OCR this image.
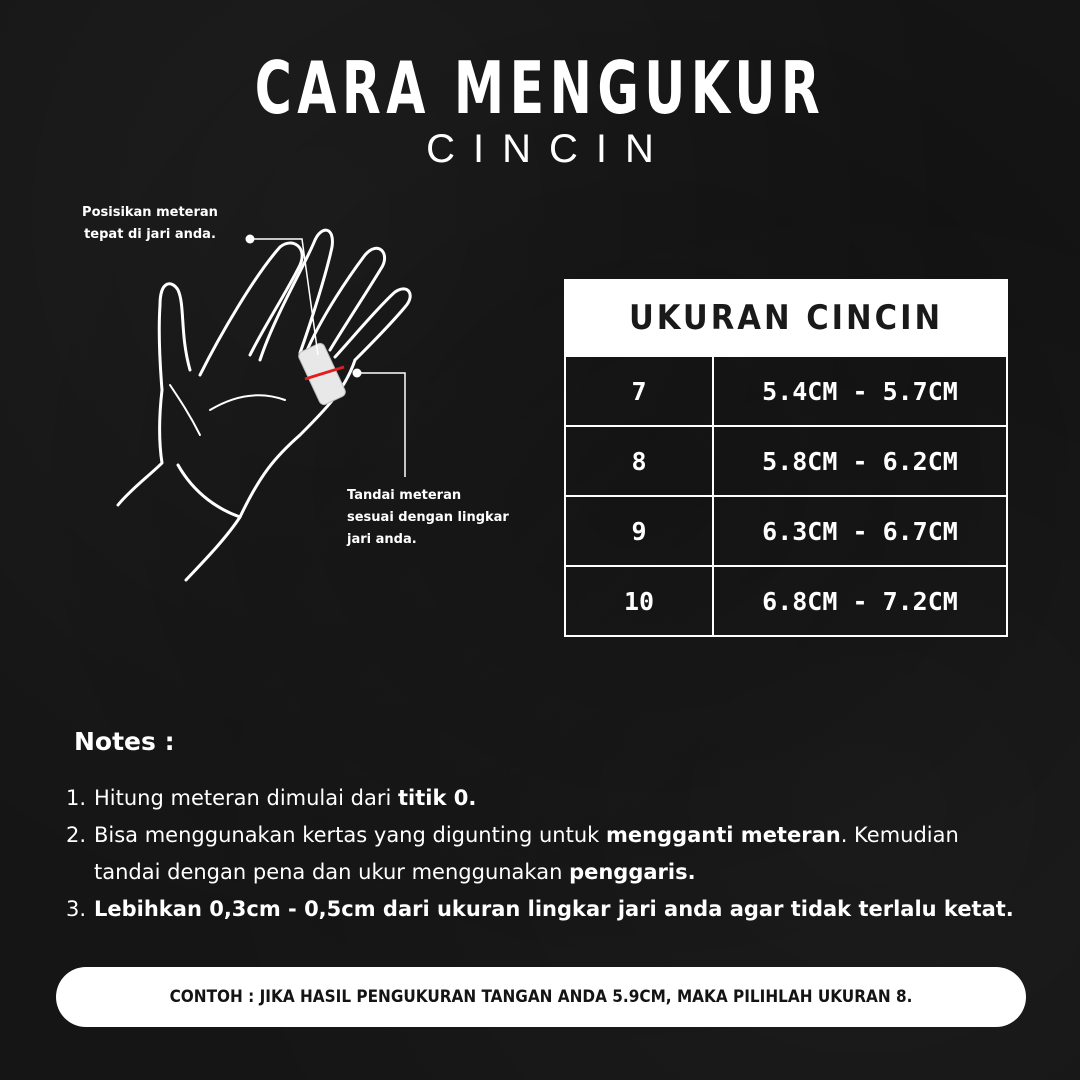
CARA MENGUKUR
CINCIN
Posisikan meteran
tepat di jari anda.
Tandai meteran
sesuai dengan lingkar
jari anda.
UKURAN CINCIN	
7	5.4CM - 5.7CM
8	5.8CM - 6.2CM
9	6.3CM - 6.7CM
10	6.8CM - 7.2CM
Notes :
1. Hitung meteran dimulai dari titik 0.
2. Bisa menggunakan kertas yang digunting untuk mengganti meteran. Kemudian tandai dengan pena dan ukur menggunakan penggaris.
3. Lebihkan 0,3cm - 0,5cm dari ukuran lingkar jari anda agar tidak terlalu ketat.
CONTOH : JIKA HASIL PENGUKURAN TANGAN ANDA 5.9CM, MAKA PILIHLAH UKURAN 8.
